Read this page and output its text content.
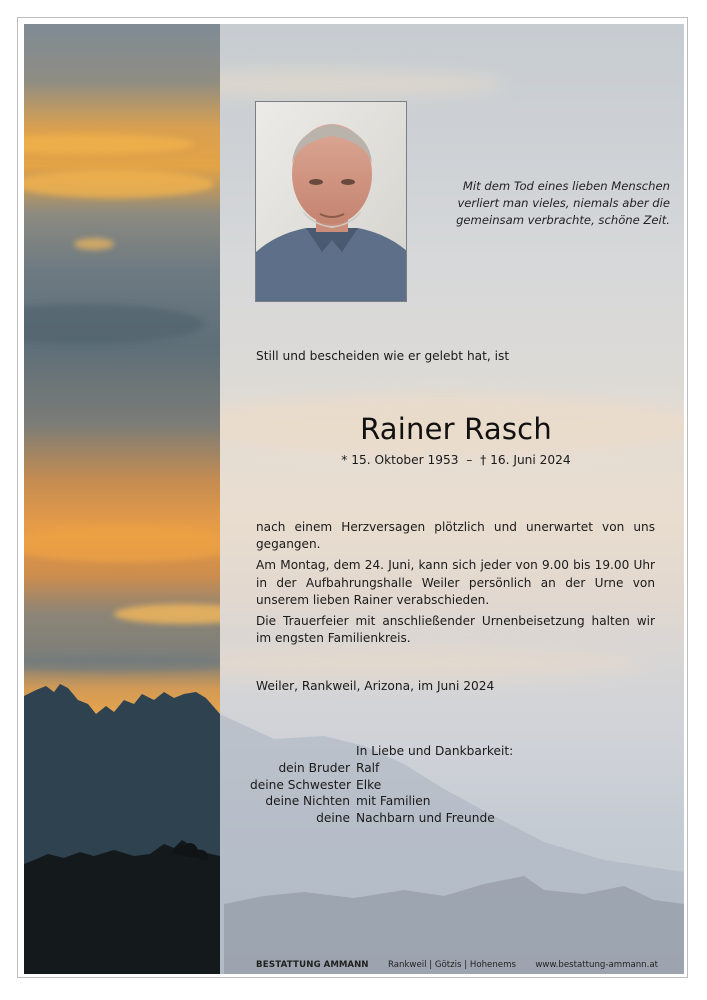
Mit dem Tod eines lieben Menschen
verliert man vieles, niemals aber die
gemeinsam verbrachte, schöne Zeit.
Still und bescheiden wie er gelebt hat, ist
Rainer Rasch
* 15. Oktober 1953  –  † 16. Juni 2024

nach einem Herzversagen plötzlich und unerwartet von uns gegangen.

Am Montag, dem 24. Juni, kann sich jeder von 9.00 bis 19.00 Uhr in der Aufbahrungshalle Weiler persönlich an der Urne von unserem lieben Rainer verabschieden.

Die Trauerfeier mit anschließender Urnenbeisetzung halten wir im engsten Familienkreis.

Weiler, Rankweil, Arizona, im Juni 2024
In Liebe und Dankbarkeit:
dein Bruder Ralf
deine Schwester Elke
deine Nichten mit Familien
deine Nachbarn und Freunde
BESTATTUNG AMMANN Rankweil | Götzis | Hohenems www.bestattung-ammann.at
